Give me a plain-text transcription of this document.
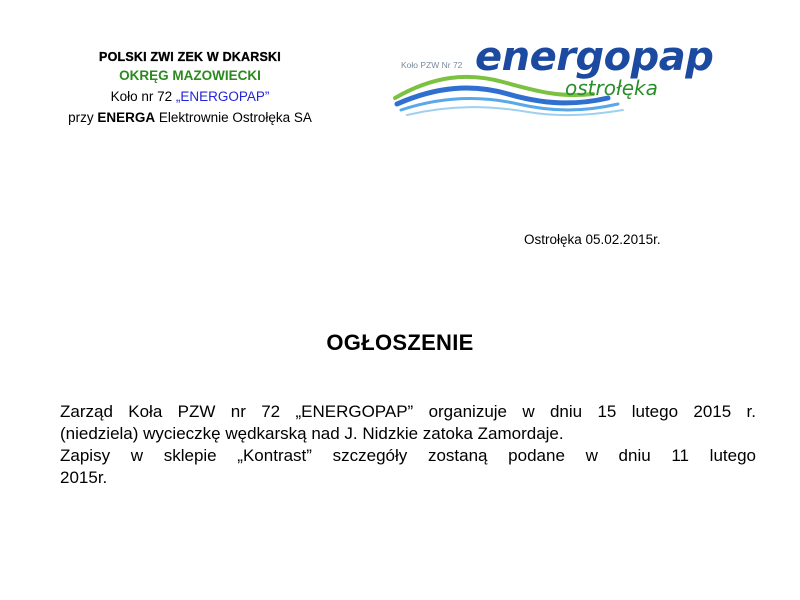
POLSKI ZWI ZEK W DKARSKI

OKRĘG MAZOWIECKI

Koło nr 72 „ENERGOPAP”

przy ENERGA Elektrownie Ostrołęka SA

Koło PZW Nr 72 energopap
ostrołęka
Ostrołęka 05.02.2015r.
OGŁOSZENIE

Zarząd Koła PZW nr 72 „ENERGOPAP” organizuje w dniu 15 lutego 2015 r.

(niedziela) wycieczkę wędkarską nad J. Nidzkie zatoka Zamordaje.

Zapisy w sklepie „Kontrast” szczegóły zostaną podane w dniu 11 lutego

2015r.
